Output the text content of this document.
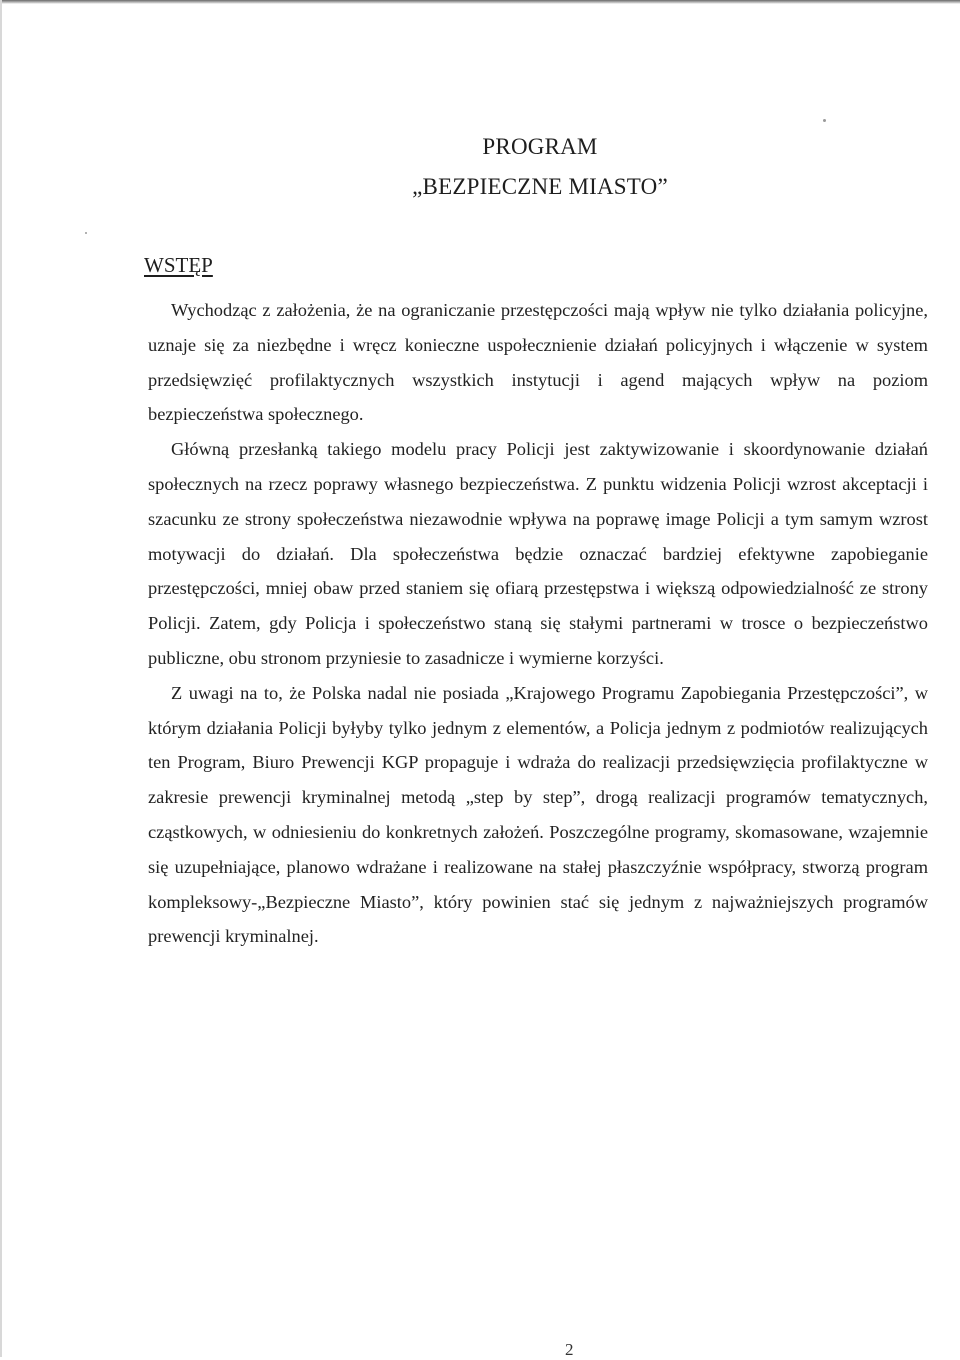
PROGRAM
„BEZPIECZNE MIASTO”
WSTĘP

Wychodząc z założenia, że na ograniczanie przestępczości mają wpływ nie tylko działania policyjne, uznaje się za niezbędne i wręcz konieczne uspołecznienie działań policyjnych i włączenie w system przedsięwzięć profilaktycznych wszystkich instytucji i agend mających wpływ na poziom bezpieczeństwa społecznego.

Główną przesłanką takiego modelu pracy Policji jest zaktywizowanie i skoordynowanie działań społecznych na rzecz poprawy własnego bezpieczeństwa. Z punktu widzenia Policji wzrost akceptacji i szacunku ze strony społeczeństwa niezawodnie wpływa na poprawę image Policji a tym samym wzrost motywacji do działań. Dla społeczeństwa będzie oznaczać bardziej efektywne zapobieganie przestępczości, mniej obaw przed staniem się ofiarą przestępstwa i większą odpowiedzialność ze strony Policji. Zatem, gdy Policja i społeczeństwo staną się stałymi partnerami w trosce o bezpieczeństwo publiczne, obu stronom przyniesie to zasadnicze i wymierne korzyści.

Z uwagi na to, że Polska nadal nie posiada „Krajowego Programu Zapobiegania Przestępczości”, w którym działania Policji byłyby tylko jednym z elementów, a Policja jednym z podmiotów realizujących ten Program, Biuro Prewencji KGP propaguje i wdraża do realizacji przedsięwzięcia profilaktyczne w zakresie prewencji kryminalnej metodą „step by step”, drogą realizacji programów tematycznych, cząstkowych, w odniesieniu do konkretnych założeń. Poszczególne programy, skomasowane, wzajemnie się uzupełniające, planowo wdrażane i realizowane na stałej płaszczyźnie współpracy, stworzą program kompleksowy-„Bezpieczne Miasto”, który powinien stać się jednym z najważniejszych programów prewencji kryminalnej.

2
